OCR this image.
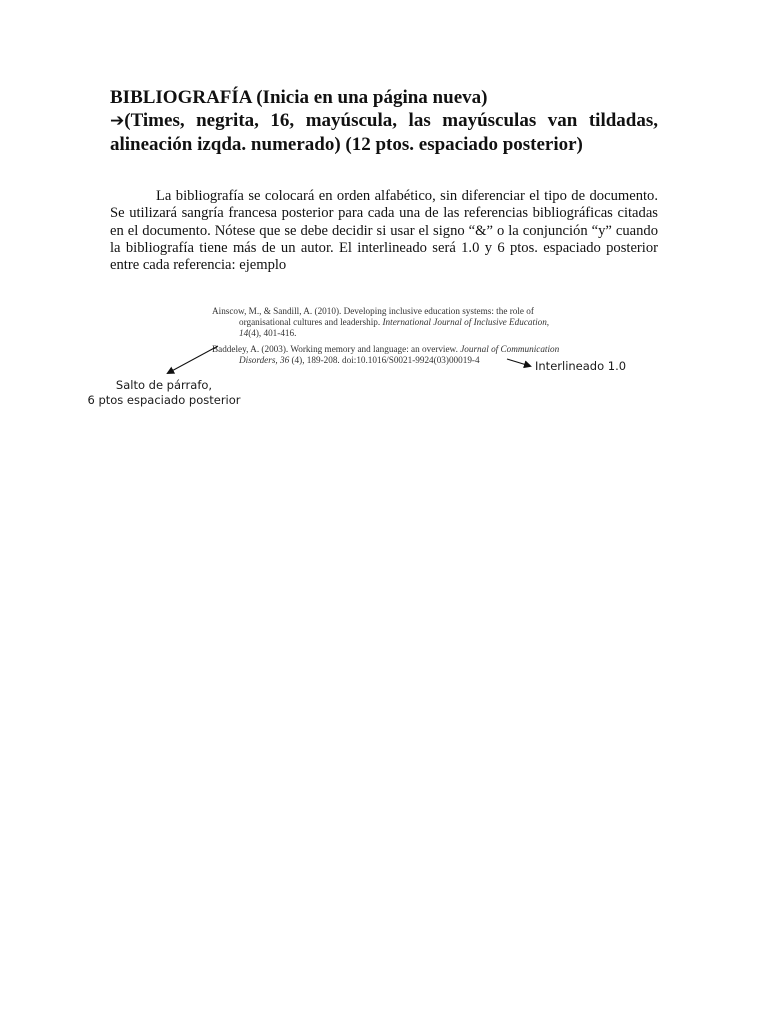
BIBLIOGRAFÍA (Inicia en una página nueva)
➔(Times, negrita, 16, mayúscula, las mayúsculas van tildadas, alineación izqda. numerado) (12 ptos. espaciado posterior)
La bibliografía se colocará en orden alfabético, sin diferenciar el tipo de documento. Se utilizará sangría francesa posterior para cada una de las referencias bibliográficas citadas en el documento. Nótese que se debe decidir si usar el signo “&” o la conjunción “y” cuando la bibliografía tiene más de un autor. El interlineado será 1.0 y 6 ptos. espaciado posterior entre cada referencia: ejemplo

Ainscow, M., & Sandill, A. (2010). Developing inclusive education systems: the role of organisational cultures and leadership. International Journal of Inclusive Education, 14(4), 401-416.

Baddeley, A. (2003). Working memory and language: an overview. Journal of Communication Disorders, 36 (4), 189-208. doi:10.1016/S0021-9924(03)00019-4

Salto de párrafo,
6 ptos espaciado posterior
Interlineado 1.0
